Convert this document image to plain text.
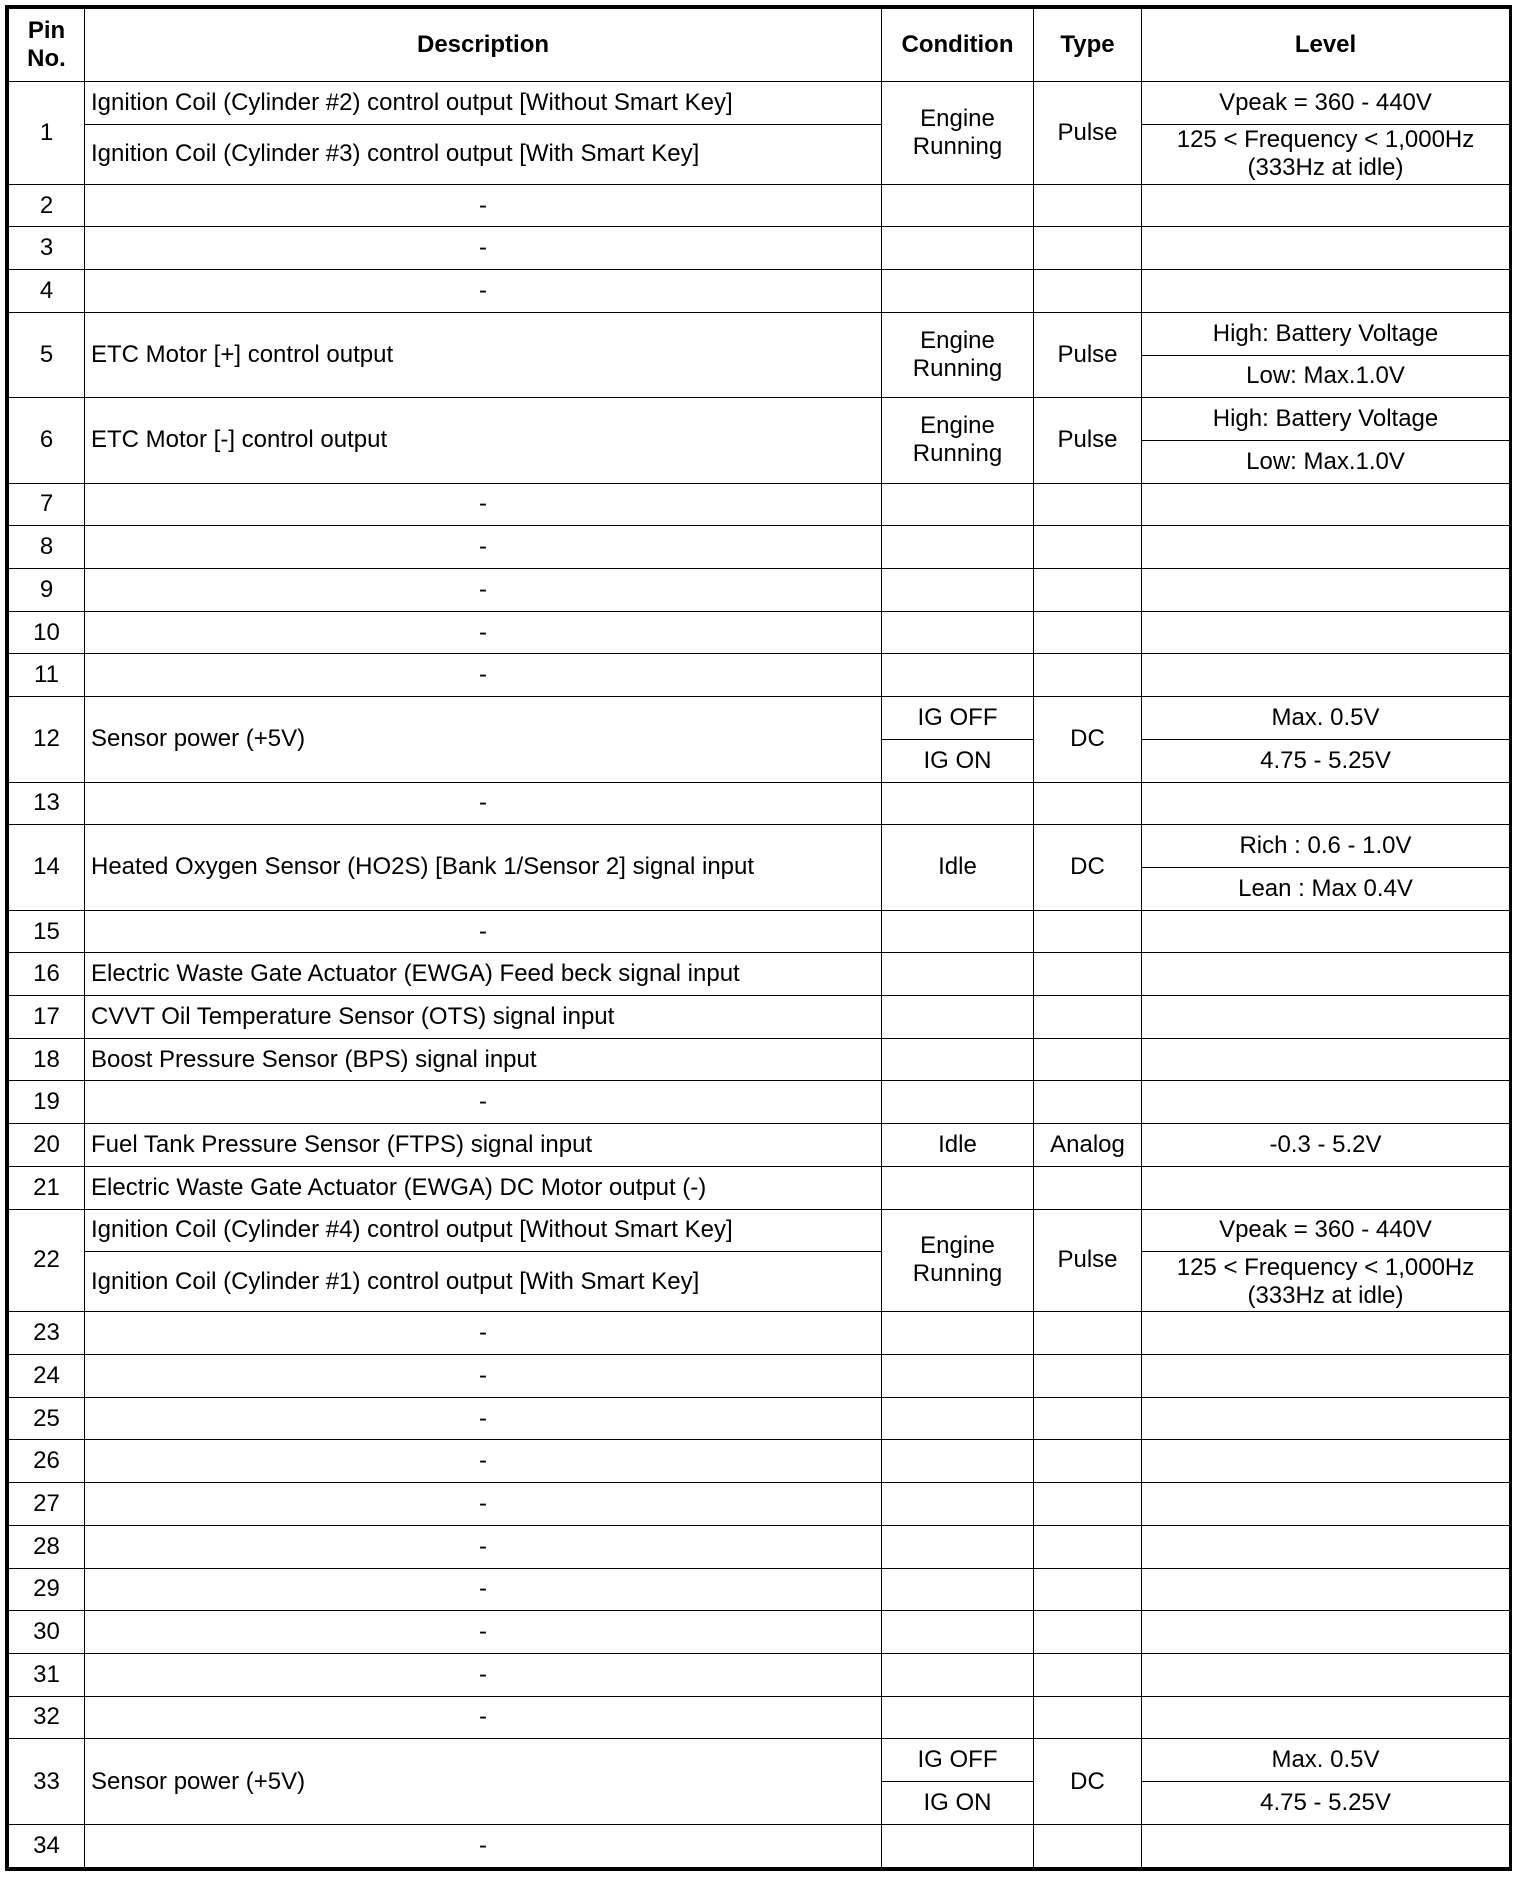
Pin No.	Description	Condition	Type	Level
1	Ignition Coil (Cylinder #2) control output [Without Smart Key]	Engine Running	Pulse	Vpeak = 360 - 440V
	Ignition Coil (Cylinder #3) control output [With Smart Key]			125 < Frequency < 1,000Hz (333Hz at idle)
2	-			
3	-			
4	-			
5	ETC Motor [+] control output	Engine Running	Pulse	High: Battery Voltage
				Low: Max.1.0V
6	ETC Motor [-] control output	Engine Running	Pulse	High: Battery Voltage
				Low: Max.1.0V
7	-			
8	-			
9	-			
10	-			
11	-			
12	Sensor power (+5V)	IG OFF	DC	Max. 0.5V
		IG ON		4.75 - 5.25V
13	-			
14	Heated Oxygen Sensor (HO2S) [Bank 1/Sensor 2] signal input	Idle	DC	Rich : 0.6 - 1.0V
				Lean : Max 0.4V
15	-			
16	Electric Waste Gate Actuator (EWGA) Feed beck signal input			
17	CVVT Oil Temperature Sensor (OTS) signal input			
18	Boost Pressure Sensor (BPS) signal input			
19	-			
20	Fuel Tank Pressure Sensor (FTPS) signal input	Idle	Analog	-0.3 - 5.2V
21	Electric Waste Gate Actuator (EWGA) DC Motor output (-)			
22	Ignition Coil (Cylinder #4) control output [Without Smart Key]	Engine Running	Pulse	Vpeak = 360 - 440V
	Ignition Coil (Cylinder #1) control output [With Smart Key]			125 < Frequency < 1,000Hz (333Hz at idle)
23	-			
24	-			
25	-			
26	-			
27	-			
28	-			
29	-			
30	-			
31	-			
32	-			
33	Sensor power (+5V)	IG OFF	DC	Max. 0.5V
		IG ON		4.75 - 5.25V
34	-			
